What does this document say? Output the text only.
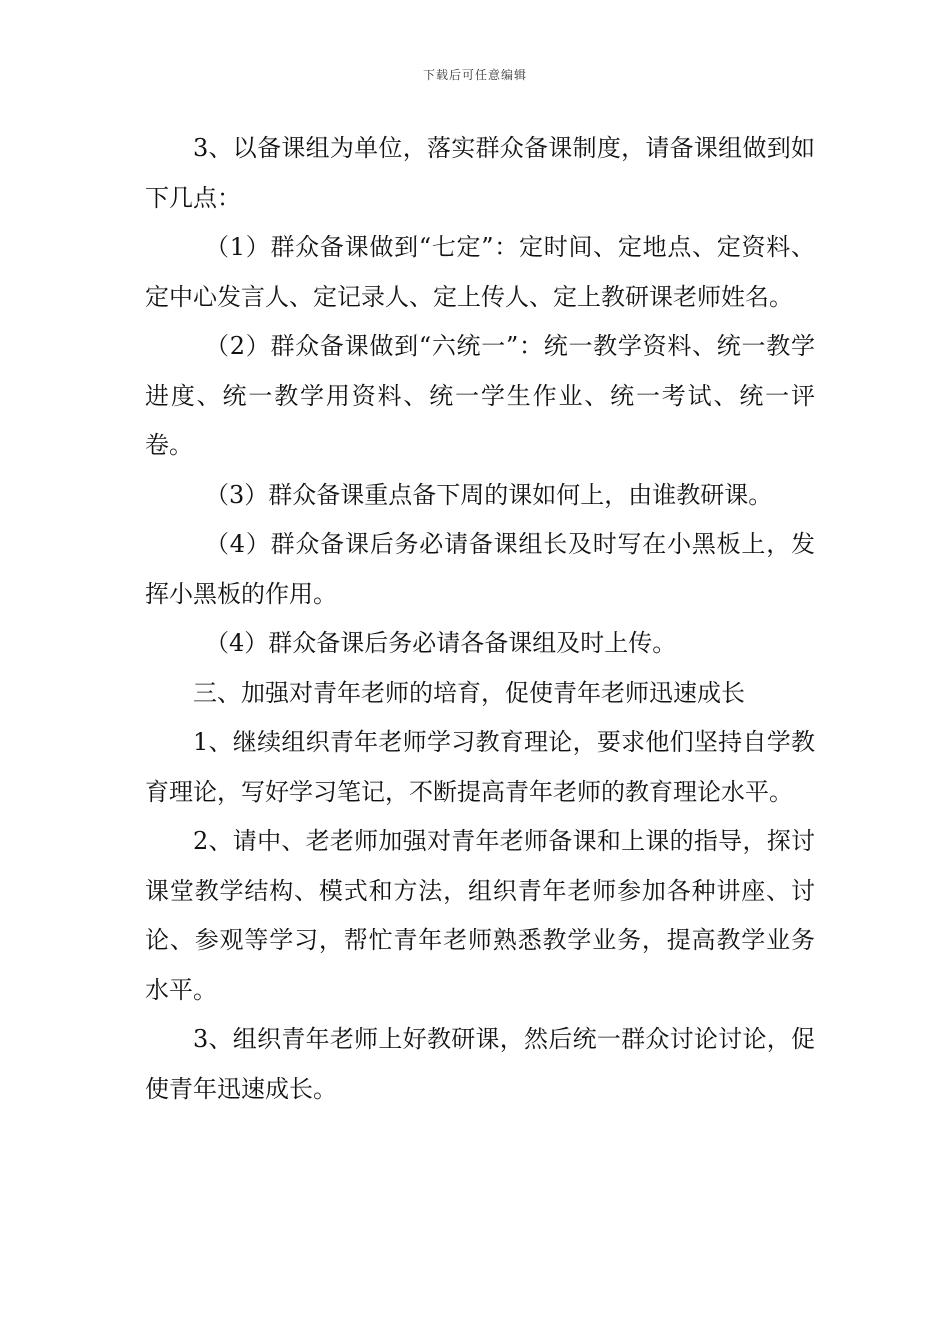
下载后可任意编辑

3、以备课组为单位，落实群众备课制度，请备课组做到如下几点：

（1）群众备课做到“七定”：定时间、定地点、定资料、定中心发言人、定记录人、定上传人、定上教研课老师姓名。

（2）群众备课做到“六统一”：统一教学资料、统一教学进度、统一教学用资料、统一学生作业、统一考试、统一评卷。

（3）群众备课重点备下周的课如何上，由谁教研课。

（4）群众备课后务必请备课组长及时写在小黑板上，发挥小黑板的作用。

（4）群众备课后务必请各备课组及时上传。

三、加强对青年老师的培育，促使青年老师迅速成长

1、继续组织青年老师学习教育理论，要求他们坚持自学教育理论，写好学习笔记，不断提高青年老师的教育理论水平。

2、请中、老老师加强对青年老师备课和上课的指导，探讨课堂教学结构、模式和方法，组织青年老师参加各种讲座、讨论、参观等学习，帮忙青年老师熟悉教学业务，提高教学业务水平。

3、组织青年老师上好教研课，然后统一群众讨论讨论，促使青年迅速成长。
